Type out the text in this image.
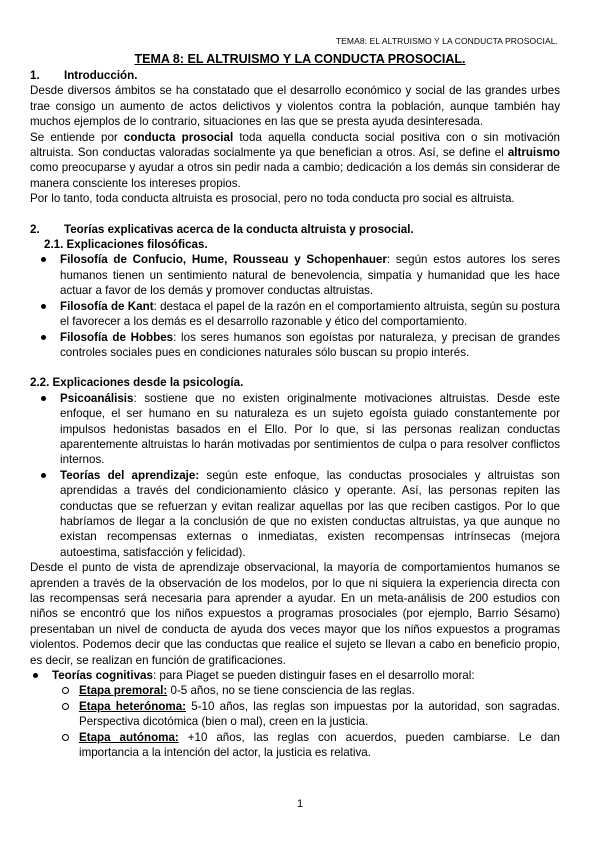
TEMA8: EL ALTRUISMO Y LA CONDUCTA PROSOCIAL.
TEMA 8: EL ALTRUISMO Y LA CONDUCTA PROSOCIAL.
1.	Introducción.

Desde diversos ámbitos se ha constatado que el desarrollo económico y social de las grandes urbes trae consigo un aumento de actos delictivos y violentos contra la población, aunque también hay muchos ejemplos de lo contrario, situaciones en las que se presta ayuda desinteresada.

Se entiende por conducta prosocial toda aquella conducta social positiva con o sin motivación altruista. Son conductas valoradas socialmente ya que benefician a otros. Así, se define el altruismo como preocuparse y ayudar a otros sin pedir nada a cambio; dedicación a los demás sin considerar de manera consciente los intereses propios.

Por lo tanto, toda conducta altruista es prosocial, pero no toda conducta pro social es altruista.

2.	Teorías explicativas acerca de la conducta altruista y prosocial.
2.1. Explicaciones filosóficas.
Filosofía de Confucio, Hume, Rousseau y Schopenhauer: según estos autores los seres humanos tienen un sentimiento natural de benevolencia, simpatía y humanidad que les hace actuar a favor de los demás y promover conductas altruistas.
Filosofía de Kant: destaca el papel de la razón en el comportamiento altruista, según su postura el favorecer a los demás es el desarrollo razonable y ético del comportamiento.
Filosofía de Hobbes: los seres humanos son egoístas por naturaleza, y precisan de grandes controles sociales pues en condiciones naturales sólo buscan su propio interés.
2.2. Explicaciones desde la psicología.
Psicoanálisis: sostiene que no existen originalmente motivaciones altruistas. Desde este enfoque, el ser humano en su naturaleza es un sujeto egoísta guiado constantemente por impulsos hedonistas basados en el Ello. Por lo que, si las personas realizan conductas aparentemente altruistas lo harán motivadas por sentimientos de culpa o para resolver conflictos internos.
Teorías del aprendizaje: según este enfoque, las conductas prosociales y altruistas son aprendidas a través del condicionamiento clásico y operante. Así, las personas repiten las conductas que se refuerzan y evitan realizar aquellas por las que reciben castigos. Por lo que habríamos de llegar a la conclusión de que no existen conductas altruistas, ya que aunque no existan recompensas externas o inmediatas, existen recompensas intrínsecas (mejora autoestima, satisfacción y felicidad).

Desde el punto de vista de aprendizaje observacional, la mayoría de comportamientos humanos se aprenden a través de la observación de los modelos, por lo que ni siquiera la experiencia directa con las recompensas será necesaria para aprender a ayudar. En un meta-análisis de 200 estudios con niños se encontró que los niños expuestos a programas prosociales (por ejemplo, Barrio Sésamo) presentaban un nivel de conducta de ayuda dos veces mayor que los niños expuestos a programas violentos. Podemos decir que las conductas que realice el sujeto se llevan a cabo en beneficio propio, es decir, se realizan en función de gratificaciones.

Teorías cognitivas: para Piaget se pueden distinguir fases en el desarrollo moral:
Etapa premoral: 0-5 años, no se tiene consciencia de las reglas.
Etapa heterónoma: 5-10 años, las reglas son impuestas por la autoridad, son sagradas. Perspectiva dicotómica (bien o mal), creen en la justicia.
Etapa autónoma: +10 años, las reglas con acuerdos, pueden cambiarse. Le dan importancia a la intención del actor, la justicia es relativa.
1
